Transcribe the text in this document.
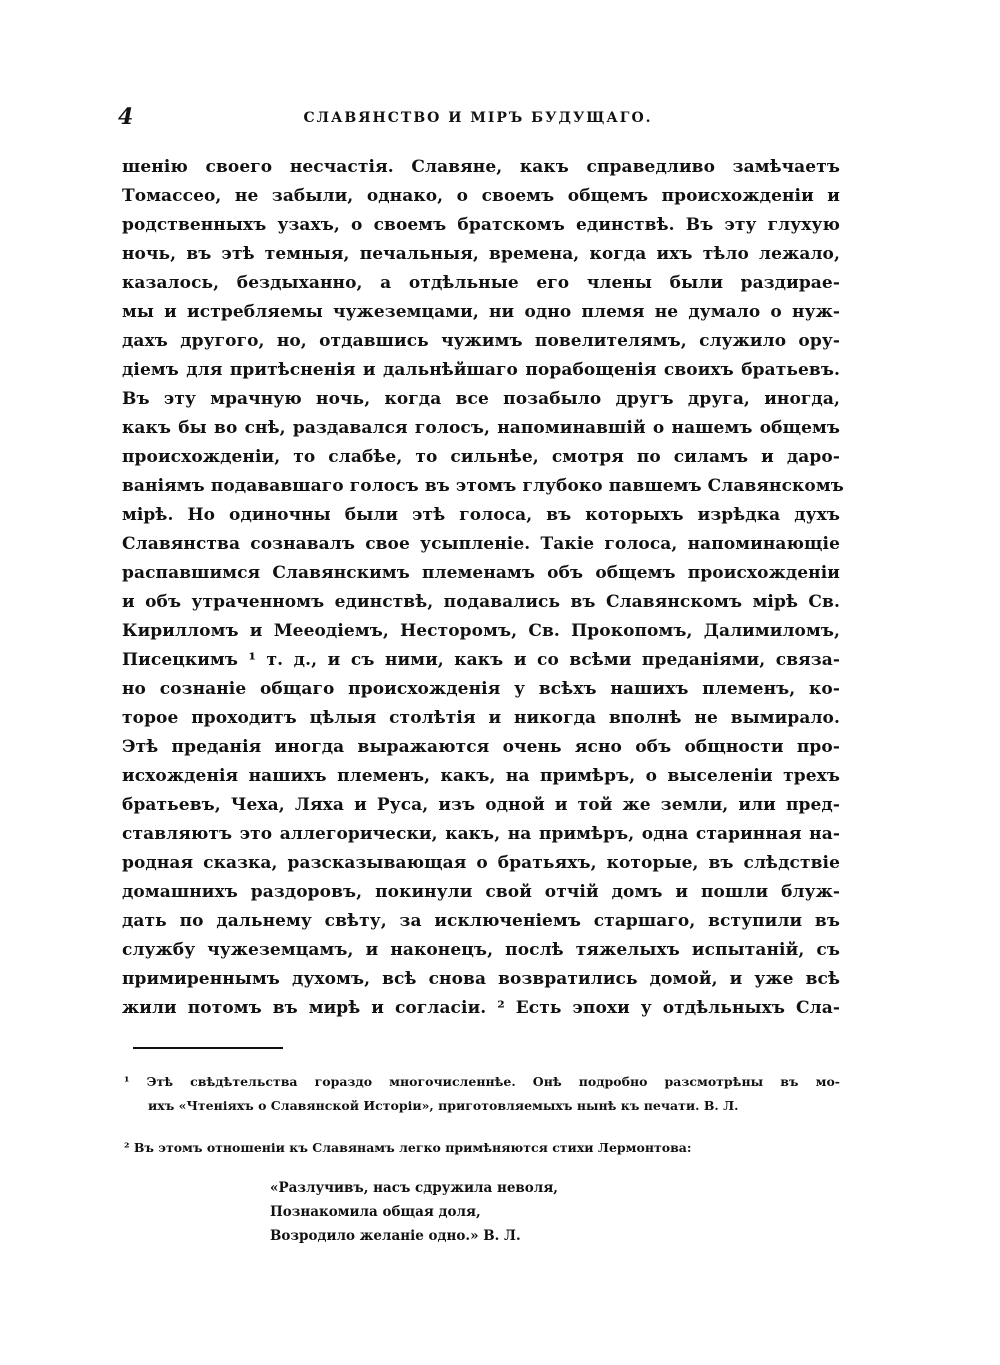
4	СЛАВЯНСТВО И МІРЪ БУДУЩАГО.
шенію своего несчастія. Славяне, какъ справедливо замѣчаетъ
Томассео, не забыли, однако, о своемъ общемъ происхожденіи и
родственныхъ узахъ, о своемъ братскомъ единствѣ. Въ эту глухую
ночь, въ этѣ темныя, печальныя, времена, когда ихъ тѣло лежало,
казалось, бездыханно, а отдѣльные его члены были раздирае-
мы и истребляемы чужеземцами, ни одно племя не думало о нуж-
дахъ другого, но, отдавшись чужимъ повелителямъ, служило ору-
діемъ для притѣсненія и дальнѣйшаго порабощенія своихъ братьевъ.
Въ эту мрачную ночь, когда все позабыло другъ друга, иногда,
какъ бы во снѣ, раздавался голосъ, напоминавшій о нашемъ общемъ
происхожденіи, то слабѣе, то сильнѣе, смотря по силамъ и даро-
ваніямъ подававшаго голосъ въ этомъ глубоко павшемъ Славянскомъ
мірѣ. Но одиночны были этѣ голоса, въ которыхъ изрѣдка духъ
Славянства сознавалъ свое усыпленіе. Такіе голоса, напоминающіе
распавшимся Славянскимъ племенамъ объ общемъ происхожденіи
и объ утраченномъ единствѣ, подавались въ Славянскомъ мірѣ Св.
Кирилломъ и Мееодіемъ, Несторомъ, Св. Прокопомъ, Далимиломъ,
Писецкимъ ¹ т. д., и съ ними, какъ и со всѣми преданіями, связа-
но сознаніе общаго происхожденія у всѣхъ нашихъ племенъ, ко-
торое проходитъ цѣлыя столѣтія и никогда вполнѣ не вымирало.
Этѣ преданія иногда выражаются очень ясно объ общности про-
исхожденія нашихъ племенъ, какъ, на примѣръ, о выселеніи трехъ
братьевъ, Чеха, Ляха и Руса, изъ одной и той же земли, или пред-
ставляютъ это аллегорически, какъ, на примѣръ, одна старинная на-
родная сказка, разсказывающая о братьяхъ, которые, въ слѣдствіе
домашнихъ раздоровъ, покинули свой отчій домъ и пошли блуж-
дать по дальнему свѣту, за исключеніемъ старшаго, вступили въ
службу чужеземцамъ, и наконецъ, послѣ тяжелыхъ испытаній, съ
примиреннымъ духомъ, всѣ снова возвратились домой, и уже всѣ
жили потомъ въ мирѣ и согласіи. ² Есть эпохи у отдѣльныхъ Сла-
¹ Этѣ свѣдѣтельства гораздо многочисленнѣе. Онѣ подробно разсмотрѣны въ мо-
ихъ «Чтеніяхъ о Славянской Исторіи», приготовляемыхъ нынѣ къ печати. В. Л.
² Въ этомъ отношеніи къ Славянамъ легко примѣняются стихи Лермонтова:
«Разлучивъ, насъ сдружила неволя,
Познакомила общая доля,
Возродило желаніе одно.» В. Л.
